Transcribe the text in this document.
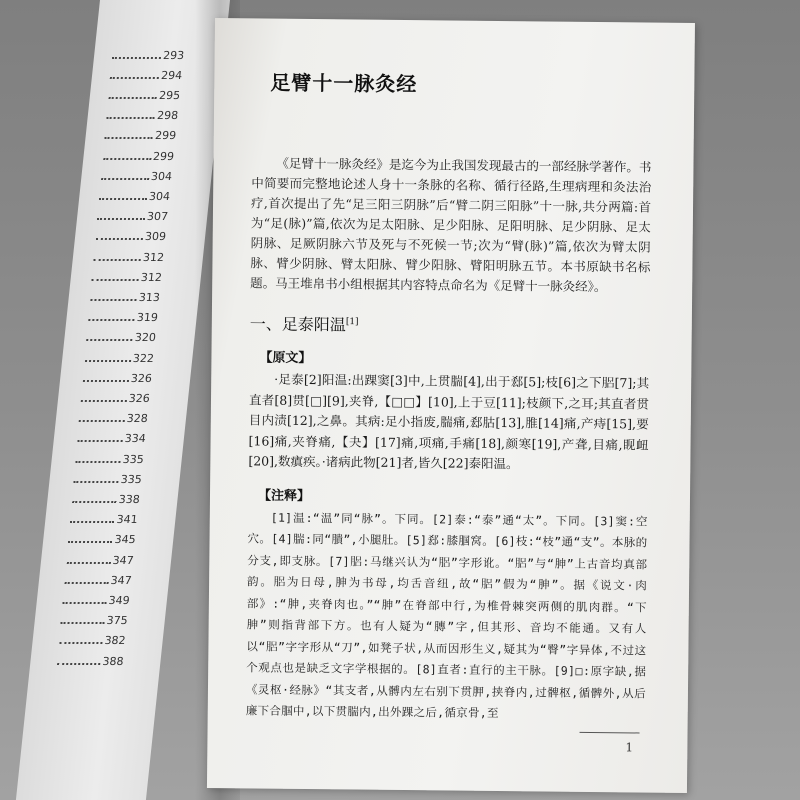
293
294
295
298
299
299
304
304
307
309
312
312
313
319
320
322
326
326
328
334
335
335
338
341
345
347
347
349
375
382
388
足臂十一脉灸经

《足臂十一脉灸经》是迄今为止我国发现最古的一部经脉学著作。书中简要而完整地论述人身十一条脉的名称、循行径路,生理病理和灸法治疗,首次提出了先“足三阳三阴脉”后“臂二阴三阳脉”十一脉,共分两篇:首为“足(脉)”篇,依次为足太阳脉、足少阳脉、足阳明脉、足少阴脉、足太阴脉、足厥阴脉六节及死与不死候一节;次为“臂(脉)”篇,依次为臂太阴脉、臂少阴脉、臂太阳脉、臂少阳脉、臂阳明脉五节。本书原缺书名标题。马王堆帛书小组根据其内容特点命名为《足臂十一脉灸经》。

一、足泰阳温[1]
【原文】

·足泰[2]阳温:出踝窦[3]中,上贯腨[4],出于郄[5];枝[6]之下𦛗[7];其直者[8]贯[□][9],夹脊,【□□】[10],上于豆[11];枝颜下,之耳;其直者贯目内渍[12],之鼻。其病:足小指废,腨痛,郄𦙶[13],脽[14]痛,产痔[15],要[16]痛,夹脊痛,【夬】[17]痛,项痛,手痛[18],颜寒[19],产聋,目痛,𪾢衄[20],数瘨疾。·诸病此物[21]者,皆久[22]泰阳温。

【注释】

[1]温:“温”同“脉”。下同。[2]泰:“泰”通“太”。下同。[3]窦:空穴。[4]腨:同“膭”,小腿肚。[5]郄:膝腘窝。[6]枝:“枝”通“支”。本脉的分支,即支脉。[7]𦛗:马继兴认为“𦛗”字形讹。“𦛗”与“胂”上古音均真部韵。𦛗为日母,胂为书母,均舌音纽,故“𦛗”假为“胂”。据《说文·肉部》:“胂,夹脊肉也。”“胂”在脊部中行,为椎骨棘突两侧的肌肉群。“下胂”则指背部下方。也有人疑为“膞”字,但其形、音均不能通。又有人以“𦛗”字字形从“刀”,如凳子状,从而因形生义,疑其为“臀”字异体,不过这个观点也是缺乏文字学根据的。[8]直者:直行的主干脉。[9]□:原字缺,据《灵枢·经脉》“其支者,从髆内左右别下贯胛,挟脊内,过髀枢,循髀外,从后廉下合腘中,以下贯腨内,出外踝之后,循京骨,至

1
